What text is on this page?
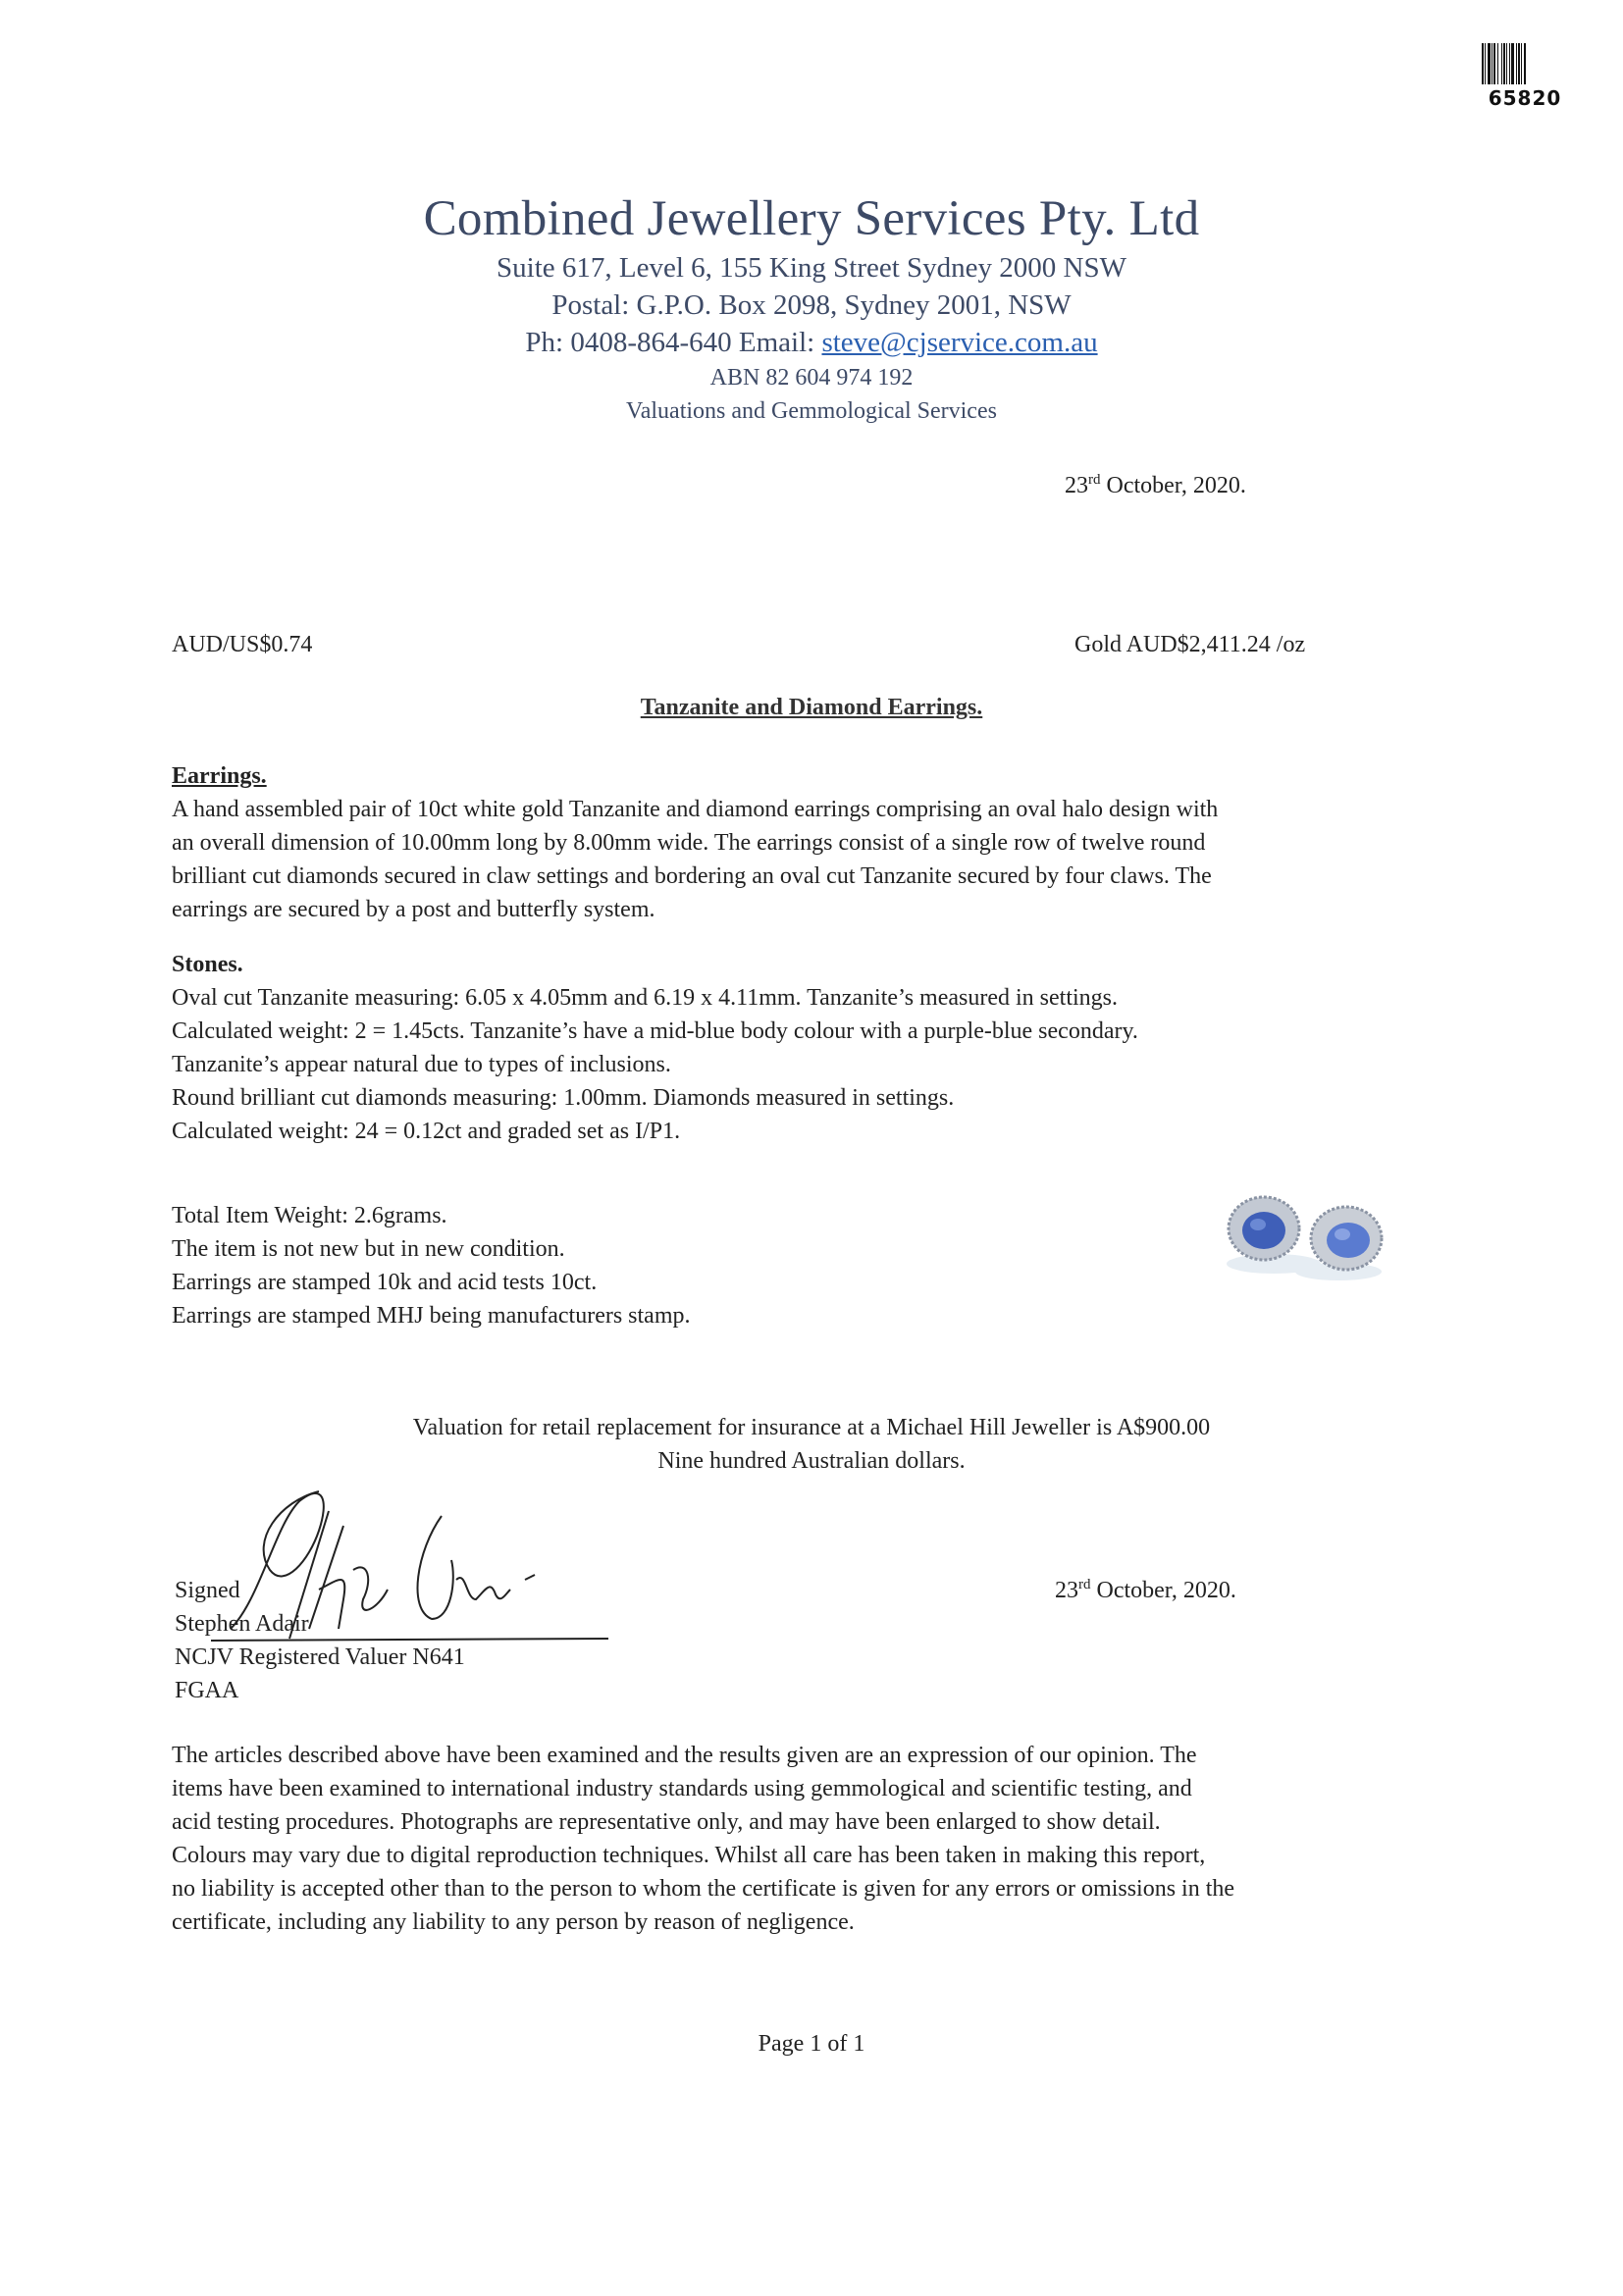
65820
Combined Jewellery Services Pty. Ltd
Suite 617, Level 6, 155 King Street Sydney 2000 NSW
Postal: G.P.O. Box 2098, Sydney 2001, NSW
Ph: 0408-864-640 Email: steve@cjservice.com.au
ABN 82 604 974 192
Valuations and Gemmological Services
23rd October, 2020.
AUD/US$0.74	Gold AUD$2,411.24 /oz
Tanzanite and Diamond Earrings.
Earrings.

A hand assembled pair of 10ct white gold Tanzanite and diamond earrings comprising an oval halo design with

an overall dimension of 10.00mm long by 8.00mm wide. The earrings consist of a single row of twelve round

brilliant cut diamonds secured in claw settings and bordering an oval cut Tanzanite secured by four claws. The

earrings are secured by a post and butterfly system.

Stones.

Oval cut Tanzanite measuring: 6.05 x 4.05mm and 6.19 x 4.11mm. Tanzanite’s measured in settings.

Calculated weight: 2 = 1.45cts. Tanzanite’s have a mid-blue body colour with a purple-blue secondary.

Tanzanite’s appear natural due to types of inclusions.

Round brilliant cut diamonds measuring: 1.00mm. Diamonds measured in settings.

Calculated weight: 24 = 0.12ct and graded set as I/P1.

Total Item Weight: 2.6grams.

The item is not new but in new condition.

Earrings are stamped 10k and acid tests 10ct.

Earrings are stamped MHJ being manufacturers stamp.

Valuation for retail replacement for insurance at a Michael Hill Jeweller is A$900.00

Nine hundred Australian dollars.

Signed

Stephen Adair

NCJV Registered Valuer N641

FGAA

23rd October, 2020.

The articles described above have been examined and the results given are an expression of our opinion. The

items have been examined to international industry standards using gemmological and scientific testing, and

acid testing procedures. Photographs are representative only, and may have been enlarged to show detail.

Colours may vary due to digital reproduction techniques. Whilst all care has been taken in making this report,

no liability is accepted other than to the person to whom the certificate is given for any errors or omissions in the

certificate, including any liability to any person by reason of negligence.

Page 1 of 1
